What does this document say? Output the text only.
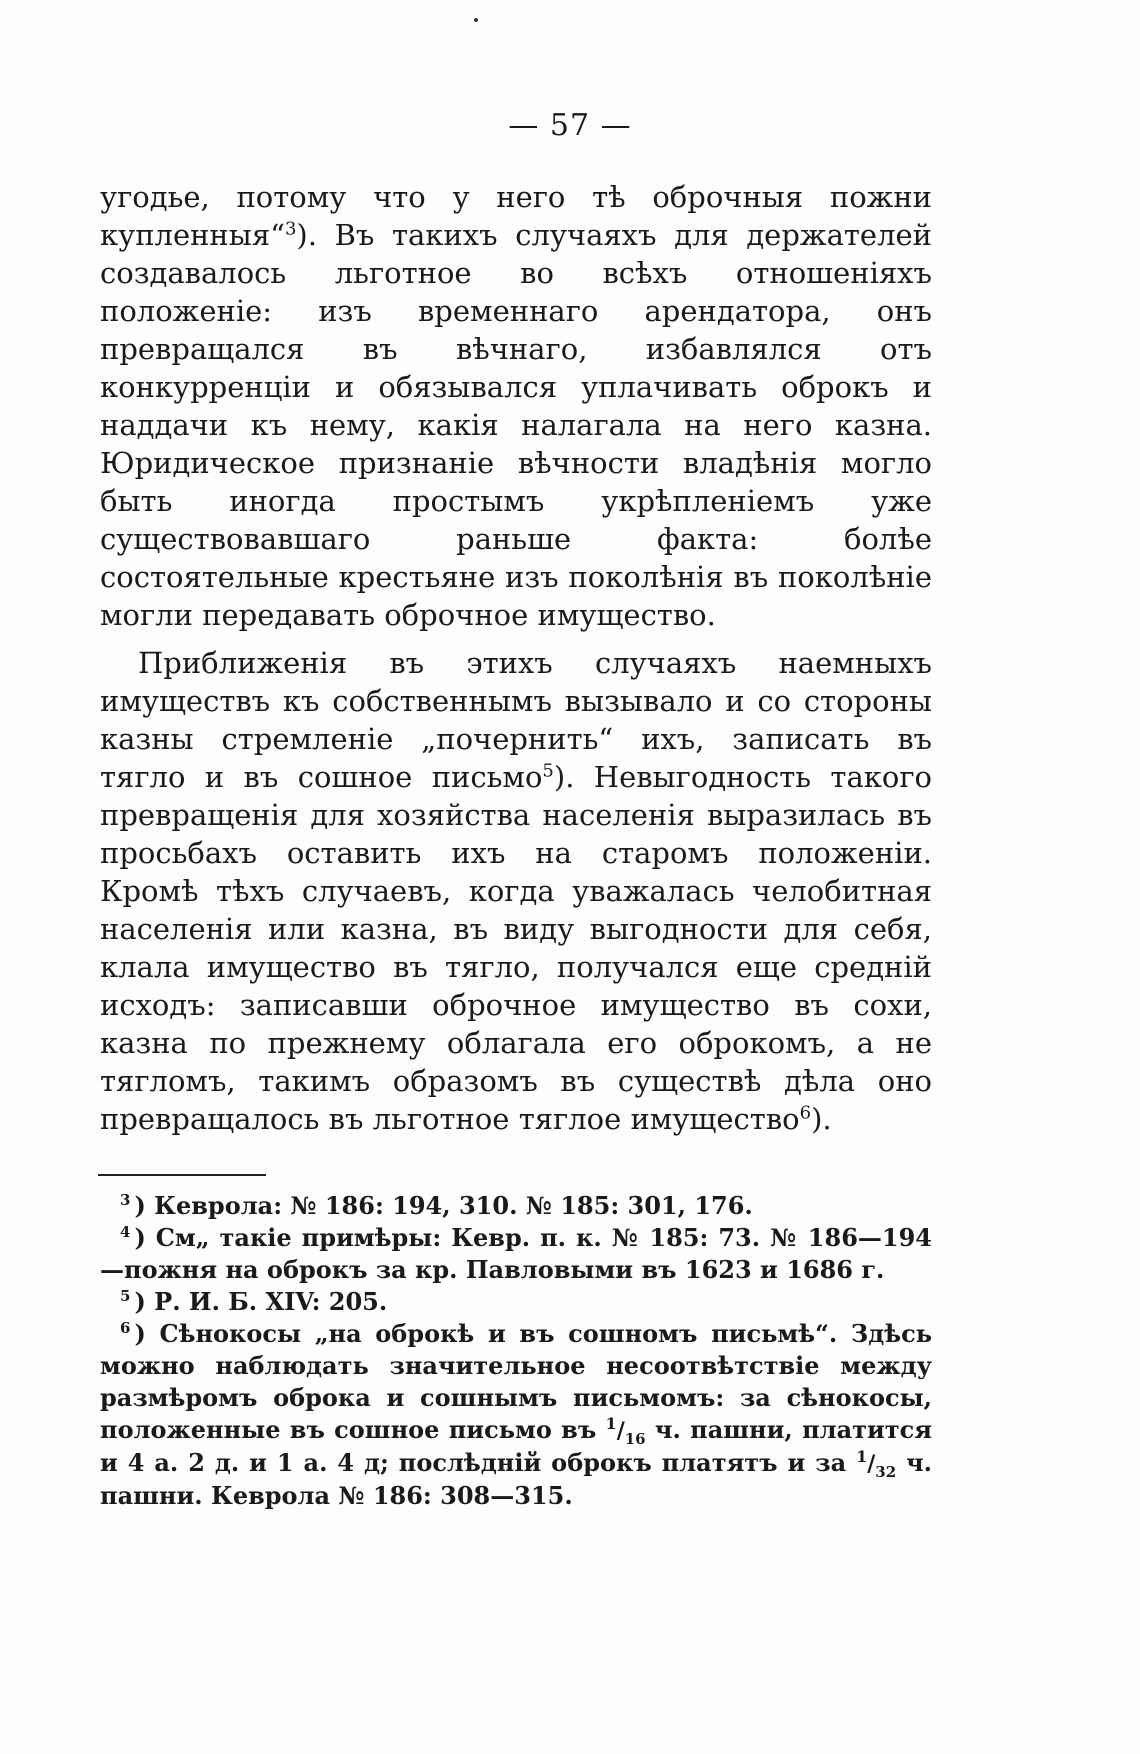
— 57 —

угодье, потому что у него тѣ оброчныя пожни купленныя“$^3$). Въ такихъ случаяхъ для держателей создавалось льготное во всѣхъ отношеніяхъ положеніе: изъ временнаго арендатора, онъ превращался въ вѣчнаго, избавлялся отъ конкурренціи и обязывался уплачивать оброкъ и наддачи къ нему, какія налагала на него казна. Юридическое признаніе вѣчности владѣнія могло быть иногда простымъ укрѣпленіемъ уже существовавшаго раньше факта: болѣе состоятельные крестьяне изъ поколѣнія въ поколѣніе могли передавать оброчное имущество.

Приближенія въ этихъ случаяхъ наемныхъ имуществъ къ собственнымъ вызывало и со стороны казны стремленіе „почернить“ ихъ, записать въ тягло и въ сошное письмо$^5$). Невыгодность такого превращенія для хозяйства населенія выразилась въ просьбахъ оставить ихъ на старомъ положеніи. Кромѣ тѣхъ случаевъ, когда уважалась челобитная населенія или казна, въ виду выгодности для себя, клала имущество въ тягло, получался еще средній исходъ: записавши оброчное имущество въ сохи, казна по прежнему облагала его оброкомъ, а не тягломъ, такимъ образомъ въ существѣ дѣла оно превращалось въ льготное тяглое имущество$^6$).

$^3$ ) Кеврола: № 186: 194, 310. № 185: 301, 176.

$^4$ ) См„ такіе примѣры: Кевр. п. к. № 185: 73. № 186—194—пожня на оброкъ за кр. Павловыми въ 1623 и 1686 г.

$^5$ ) Р. И. Б. XIV: 205.

$^6$ ) Сѣнокосы „на оброкѣ и въ сошномъ письмѣ“. Здѣсь можно наблюдать значительное несоотвѣтствіе между размѣромъ оброка и сошнымъ письмомъ: за сѣнокосы, положенные въ сошное письмо въ $^1/_{16}$ ч. пашни, платится и 4 а. 2 д. и 1 а. 4 д; послѣдній оброкъ платятъ и за $^1/_{32}$ ч. пашни. Кеврола № 186: 308—315.
